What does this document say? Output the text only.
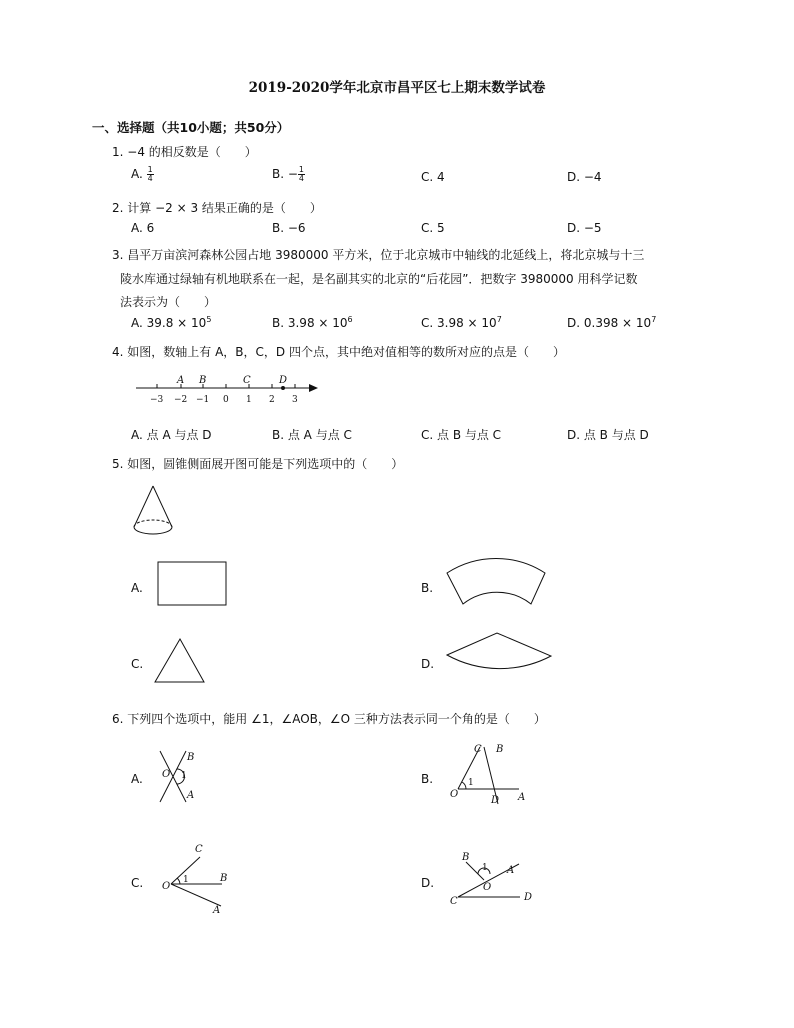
2019-2020学年北京市昌平区七上期末数学试卷
一、选择题（共10小题；共50分）
1. −4 的相反数是（　　）
A. $\frac{1}{4}$	B. − $\frac{1}{4}$	C. 4	D. −4
2. 计算 −2 × 3 结果正确的是（　　）
A. 6	B. −6	C. 5	D. −5
3. 昌平万亩滨河森林公园占地 3980000 平方米，位于北京城市中轴线的北延线上，将北京城与十三
陵水库通过绿轴有机地联系在一起，是名副其实的北京的“后花园”．把数字 3980000 用科学记数
法表示为（　　）
A. $39.8 \times 10^5$	B. $3.98 \times 10^6$	C. $3.98 \times 10^7$	D. $0.398 \times 10^7$
4. 如图，数轴上有 A，B，C，D 四个点，其中绝对值相等的数所对应的点是（　　）
A B	C	D
−3 −2 −1 0 1 2 3
A. 点 A 与点 D	B. 点 A 与点 C	C. 点 B 与点 C	D. 点 B 与点 D
5. 如图，圆锥侧面展开图可能是下列选项中的（　　）
A.	B.
C.	D.
6. 下列四个选项中，能用 ∠1，∠AOB，∠O 三种方法表示同一个角的是（　　）
B
O 1
A
C B
1
O
D A
C
O
1	B
A
B
1 A
O
C	D
A.	B.
C.	D.
